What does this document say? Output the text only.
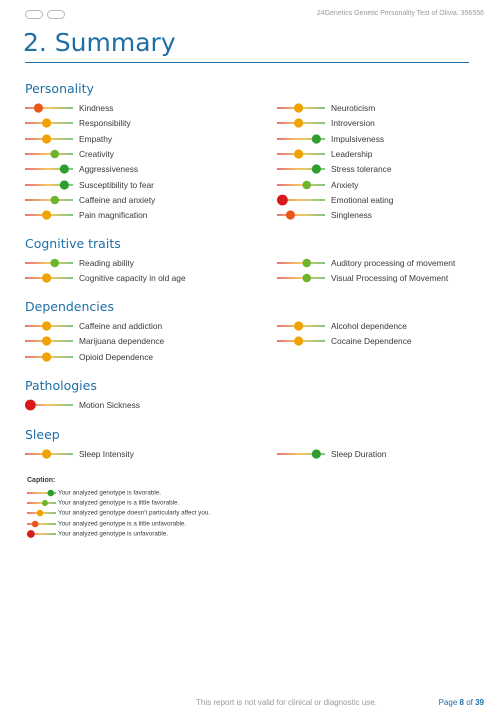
24Genetics Genetic Personality Test of Olivia. 356556
2. Summary
Personality
Kindness
Responsibility
Empathy
Creativity
Aggressiveness
Susceptibility to fear
Caffeine and anxiety
Pain magnification
Neuroticism
Introversion
Impulsiveness
Leadership
Stress tolerance
Anxiety
Emotional eating
Singleness
Cognitive traits
Reading ability
Cognitive capacity in old age
Auditory processing of movement
Visual Processing of Movement
Dependencies
Caffeine and addiction
Marijuana dependence
Opioid Dependence
Alcohol dependence
Cocaine Dependence
Pathologies
Motion Sickness
Sleep
Sleep Intensity	Sleep Duration
Caption:
Your analyzed genotype is favorable.
Your analyzed genotype is a little favorable.
Your analyzed genotype doesn't particularly affect you.
Your analyzed genotype is a little unfavorable.
Your analyzed genotype is unfavorable.
This report is not valid for clinical or diagnostic use.	Page 8 of 39
